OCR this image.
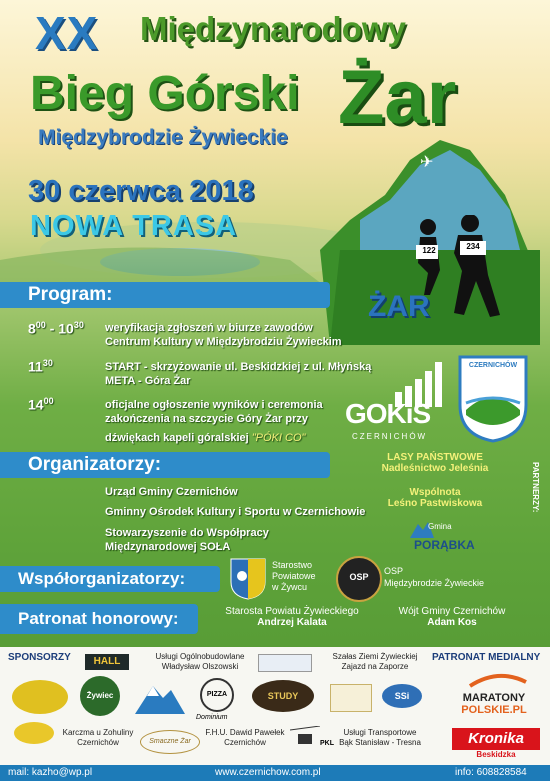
122	234
XX Międzynarodowy
Bieg Górski Żar
Międzybrodzie Żywieckie
30 czerwca 2018
NOWA TRASA
✈
ŻAR
Program:
$8^{00} - 10^{30}$ weryfikacja zgłoszeń w biurze zawodów
Centrum Kultury w Międzybrodziu Żywieckim
$11^{30}$	START - skrzyżowanie ul. Beskidzkiej z ul. Młyńską
META - Góra Żar
$14^{00}$	oficjalne ogłoszenie wyników i ceremonia
zakończenia na szczycie Góry Żar przy
dźwiękach kapeli góralskiej "PÓKI CO"
GOKiS
CZERNICHÓW
CZERNICHÓW
Organizatorzy:
Urząd Gminy Czernichów
Gminny Ośrodek Kultury i Sportu w Czernichowie
Stowarzyszenie do Współpracy
Międzynarodowej SOŁA
LASY PAŃSTWOWE
Nadleśnictwo Jeleśnia
Wspólnota
Leśno Pastwiskowa
Gmina
PORĄBKA
PARTNERZY:
Współorganizatorzy:
Starostwo
Powiatowe
w Żywcu
OSP
OSP
Międzybrodzie Żywieckie
Patronat honorowy:	Starosta Powiatu Żywieckiego
Andrzej Kalata
Wójt Gminy Czernichów
Adam Kos
SPONSORZY	PATRONAT MEDIALNY
HALL	Usługi Ogólnobudowlane
Władysław Olszowski
Szałas Ziemi Żywieckiej
Zajazd na Zaporze
Żywiec	PIZZA
Dominium
STUDY	SSi
Karczma u Zohuliny
Czernichów	Smaczne Żar
F.H.U. Dawid Pawełek
Czernichów	PKL
Usługi Transportowe
Bąk Stanisław - Tresna
MARATONY
POLSKIE.PL
Kronika
Beskidzka
mail: kazho@wp.pl	www.czernichow.com.pl	info: 608828584
